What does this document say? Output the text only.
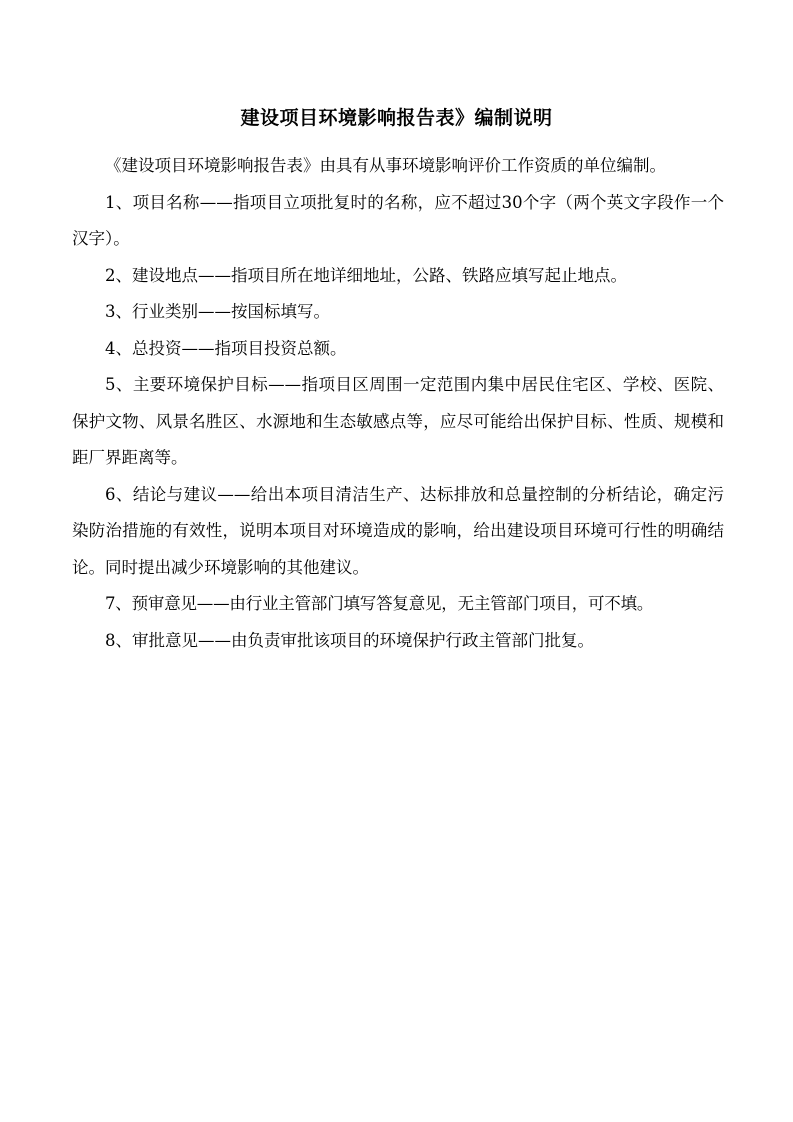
建设项目环境影响报告表》编制说明

《建设项目环境影响报告表》由具有从事环境影响评价工作资质的单位编制。

1、项目名称——指项目立项批复时的名称，应不超过30个字（两个英文字段作一个汉字）。

2、建设地点——指项目所在地详细地址，公路、铁路应填写起止地点。

3、行业类别——按国标填写。

4、总投资——指项目投资总额。

5、主要环境保护目标——指项目区周围一定范围内集中居民住宅区、学校、医院、保护文物、风景名胜区、水源地和生态敏感点等，应尽可能给出保护目标、性质、规模和距厂界距离等。

6、结论与建议——给出本项目清洁生产、达标排放和总量控制的分析结论，确定污染防治措施的有效性，说明本项目对环境造成的影响，给出建设项目环境可行性的明确结论。同时提出减少环境影响的其他建议。

7、预审意见——由行业主管部门填写答复意见，无主管部门项目，可不填。

8、审批意见——由负责审批该项目的环境保护行政主管部门批复。
